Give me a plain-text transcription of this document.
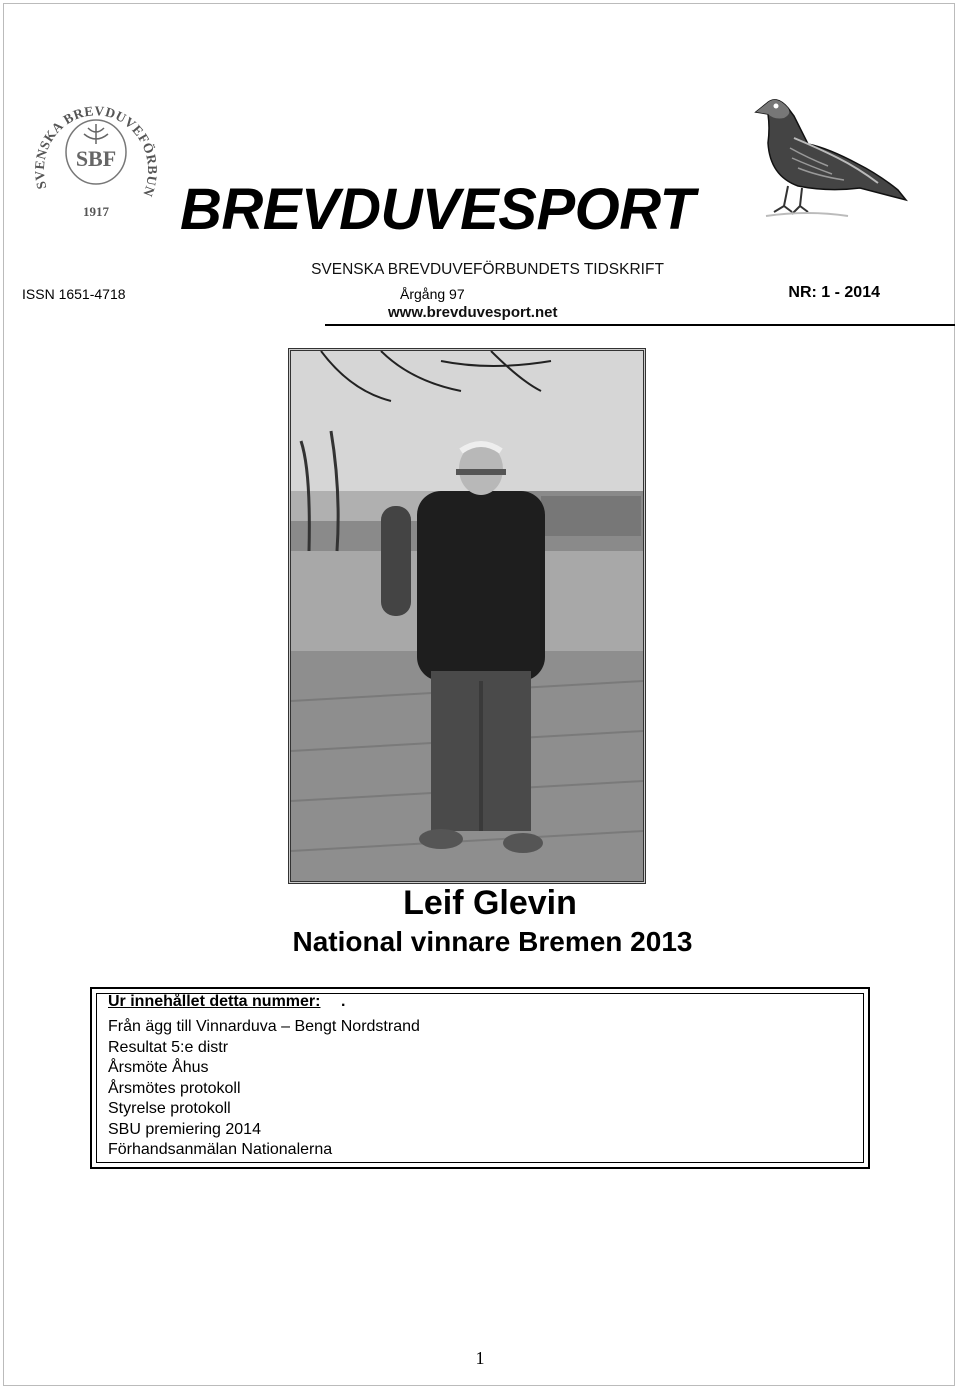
SVENSKA BREVDUVEFÖRBUN
SBF
1917 BREVDUVESPORT
SVENSKA BREVDUVEFÖRBUNDETS TIDSKRIFT
ISSN 1651-4718	Årgång 97	NR: 1 - 2014
www.brevduvesport.net
Leif Glevin
National vinnare Bremen 2013
Ur innehållet detta nummer: .
Från ägg till Vinnarduva – Bengt Nordstrand
Resultat 5:e distr
Årsmöte Åhus
Årsmötes protokoll
Styrelse protokoll
SBU premiering 2014
Förhandsanmälan Nationalerna
1
